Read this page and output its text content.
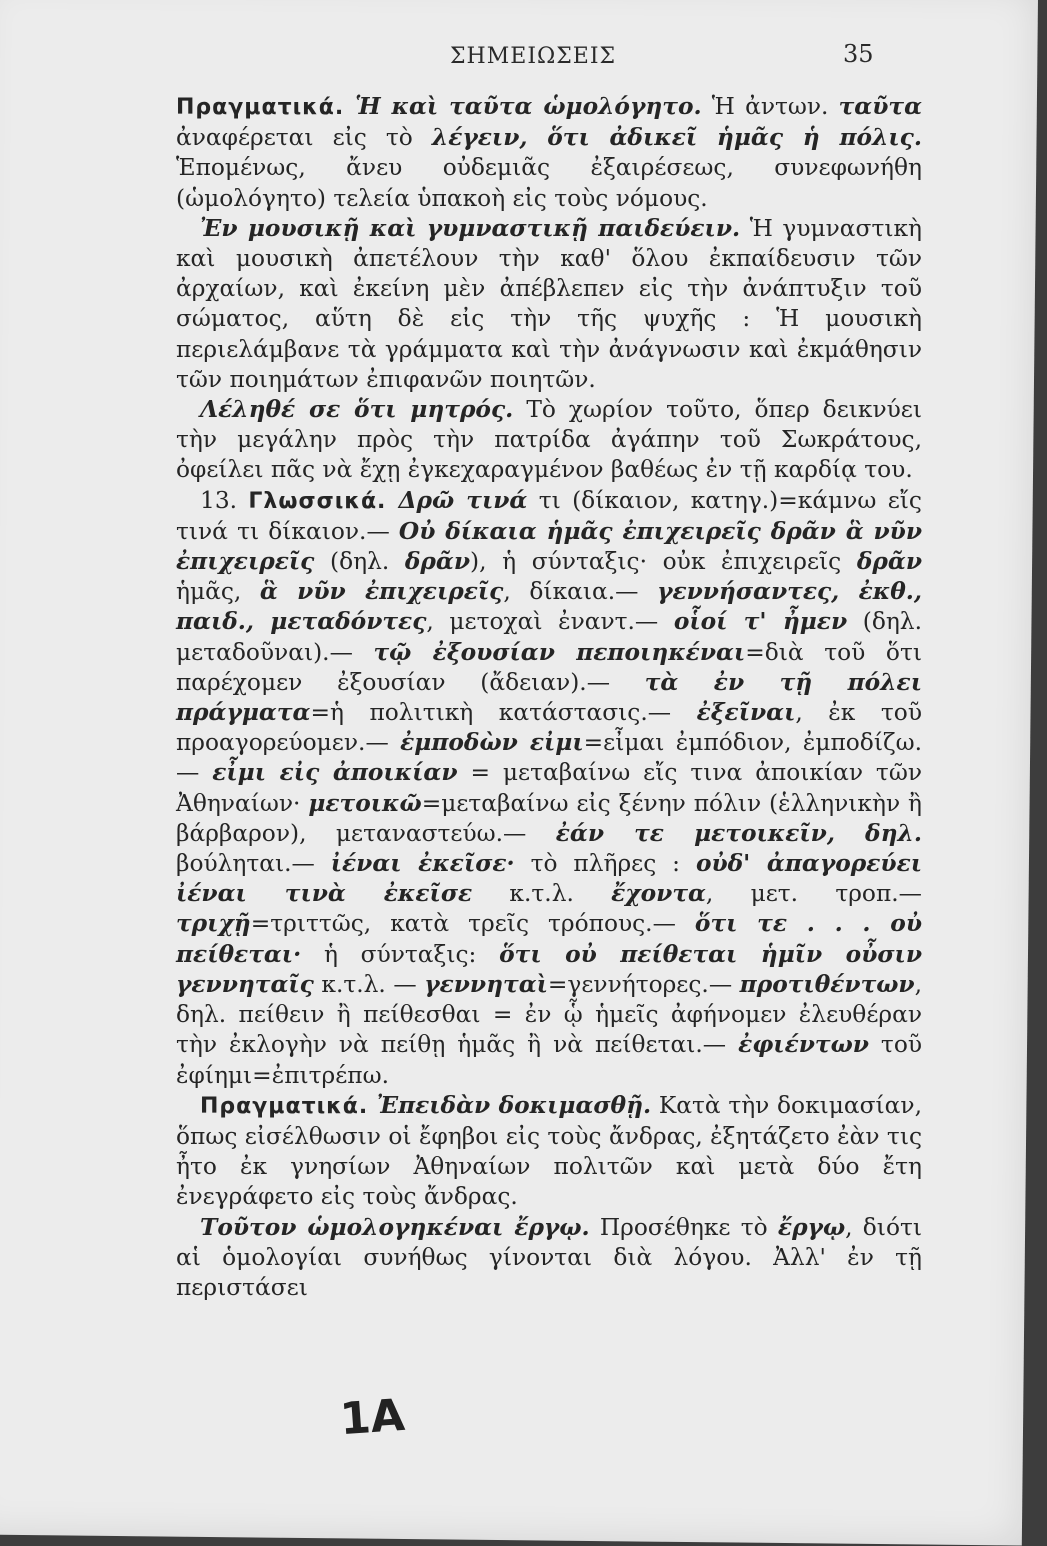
ΣΗΜΕΙΩΣΕΙΣ	35

Πραγματικά. Ἡ καὶ ταῦτα ὡμολόγητο. Ἡ ἀντων. ταῦτα ἀναφέρεται εἰς τὸ λέγειν, ὅτι ἀδικεῖ ἡμᾶς ἡ πόλις. Ἑπομένως, ἄνευ οὐδεμιᾶς ἐξαιρέσεως, συνεφωνήθη (ὡμολόγητο) τελεία ὑπακοὴ εἰς τοὺς νόμους.

Ἐν μουσικῇ καὶ γυμναστικῇ παιδεύειν. Ἡ γυμναστικὴ καὶ μουσικὴ ἀπετέλουν τὴν καθ' ὅλου ἐκπαίδευσιν τῶν ἀρχαίων, καὶ ἐκείνη μὲν ἀπέβλεπεν εἰς τὴν ἀνάπτυξιν τοῦ σώματος, αὕτη δὲ εἰς τὴν τῆς ψυχῆς : Ἡ μουσικὴ περιελάμβανε τὰ γράμματα καὶ τὴν ἀνάγνωσιν καὶ ἐκμάθησιν τῶν ποιημάτων ἐπιφανῶν ποιητῶν.

Λέληθέ σε ὅτι μητρός. Τὸ χωρίον τοῦτο, ὅπερ δεικνύει τὴν μεγάλην πρὸς τὴν πατρίδα ἀγάπην τοῦ Σωκράτους, ὀφείλει πᾶς νὰ ἔχῃ ἐγκεχαραγμένον βαθέως ἐν τῇ καρδίᾳ του.

13. Γλωσσικά. Δρῶ τινά τι (δίκαιον, κατηγ.)=κάμνω εἴς τινά τι δίκαιον.— Οὐ δίκαια ἡμᾶς ἐπιχειρεῖς δρᾶν ἃ νῦν ἐπιχειρεῖς (δηλ. δρᾶν), ἡ σύνταξις· οὐκ ἐπιχειρεῖς δρᾶν ἡμᾶς, ἃ νῦν ἐπιχειρεῖς, δίκαια.— γεννήσαντες, ἐκθ., παιδ., μεταδόντες, μετοχαὶ ἐναντ.— οἷοί τ' ἦμεν (δηλ. μεταδοῦναι).— τῷ ἐξουσίαν πεποιηκέναι=διὰ τοῦ ὅτι παρέχομεν ἐξουσίαν (ἄδειαν).— τὰ ἐν τῇ πόλει πράγματα=ἡ πολιτικὴ κατάστασις.— ἐξεῖναι, ἐκ τοῦ προαγορεύομεν.— ἐμποδὼν εἰμι=εἶμαι ἐμπόδιον, ἐμποδίζω.— εἶμι εἰς ἀποικίαν = μεταβαίνω εἴς τινα ἀποικίαν τῶν Ἀθηναίων· μετοικῶ=μεταβαίνω εἰς ξένην πόλιν (ἑλληνικὴν ἢ βάρβαρον), μεταναστεύω.— ἐάν τε μετοικεῖν, δηλ. βούληται.— ἰέναι ἐκεῖσε· τὸ πλῆρες : οὐδ' ἀπαγορεύει ἰέναι τινὰ ἐκεῖσε κ.τ.λ. ἔχοντα, μετ. τροπ.— τριχῇ=τριττῶς, κατὰ τρεῖς τρόπους.— ὅτι τε . . . οὐ πείθεται· ἡ σύνταξις: ὅτι οὐ πείθεται ἡμῖν οὖσιν γεννηταῖς κ.τ.λ. — γεννηταὶ=γεννήτορες.— προτιθέντων, δηλ. πείθειν ἢ πείθεσθαι = ἐν ᾧ ἡμεῖς ἀφήνομεν ἐλευθέραν τὴν ἐκλογὴν νὰ πείθῃ ἡμᾶς ἢ νὰ πείθεται.— ἐφιέντων τοῦ ἐφίημι=ἐπιτρέπω.

Πραγματικά. Ἐπειδὰν δοκιμασθῇ. Κατὰ τὴν δοκιμασίαν, ὅπως εἰσέλθωσιν οἱ ἔφηβοι εἰς τοὺς ἄνδρας, ἐξητάζετο ἐὰν τις ἦτο ἐκ γνησίων Ἀθηναίων πολιτῶν καὶ μετὰ δύο ἔτη ἐνεγράφετο εἰς τοὺς ἄνδρας.

Τοῦτον ὡμολογηκέναι ἔργῳ. Προσέθηκε τὸ ἔργῳ, διότι αἱ ὁμολογίαι συνήθως γίνονται διὰ λόγου. Ἀλλ' ἐν τῇ περιστάσει

1A
